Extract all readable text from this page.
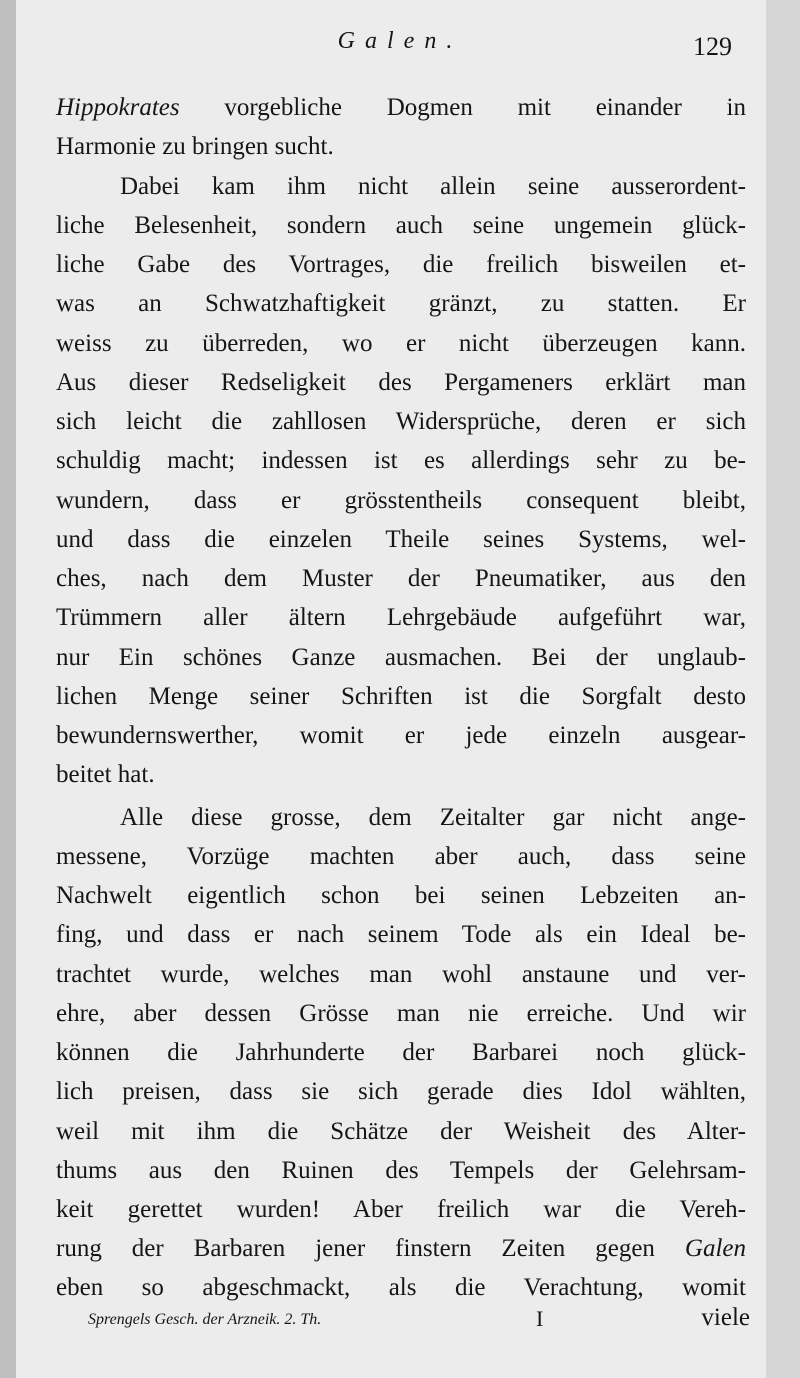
Galen.	129
Hippokrates vorgebliche Dogmen mit einander in
Harmonie zu bringen sucht.
Dabei kam ihm nicht allein seine ausserordent-
liche Belesenheit, sondern auch seine ungemein glück-
liche Gabe des Vortrages, die freilich bisweilen et-
was an Schwatzhaftigkeit gränzt, zu statten. Er
weiss zu überreden, wo er nicht überzeugen kann.
Aus dieser Redseligkeit des Pergameners erklärt man
sich leicht die zahllosen Widersprüche, deren er sich
schuldig macht; indessen ist es allerdings sehr zu be-
wundern, dass er grösstentheils consequent bleibt,
und dass die einzelen Theile seines Systems, wel-
ches, nach dem Muster der Pneumatiker, aus den
Trümmern aller ältern Lehrgebäude aufgeführt war,
nur Ein schönes Ganze ausmachen. Bei der unglaub-
lichen Menge seiner Schriften ist die Sorgfalt desto
bewundernswerther, womit er jede einzeln ausgear-
beitet hat.
Alle diese grosse, dem Zeitalter gar nicht ange-
messene, Vorzüge machten aber auch, dass seine
Nachwelt eigentlich schon bei seinen Lebzeiten an-
fing, und dass er nach seinem Tode als ein Ideal be-
trachtet wurde, welches man wohl anstaune und ver-
ehre, aber dessen Grösse man nie erreiche. Und wir
können die Jahrhunderte der Barbarei noch glück-
lich preisen, dass sie sich gerade dies Idol wählten,
weil mit ihm die Schätze der Weisheit des Alter-
thums aus den Ruinen des Tempels der Gelehrsam-
keit gerettet wurden! Aber freilich war die Vereh-
rung der Barbaren jener finstern Zeiten gegen Galen
eben so abgeschmackt, als die Verachtung, womit
Sprengels Gesch. der Arzneik. 2. Th.	I	viele
